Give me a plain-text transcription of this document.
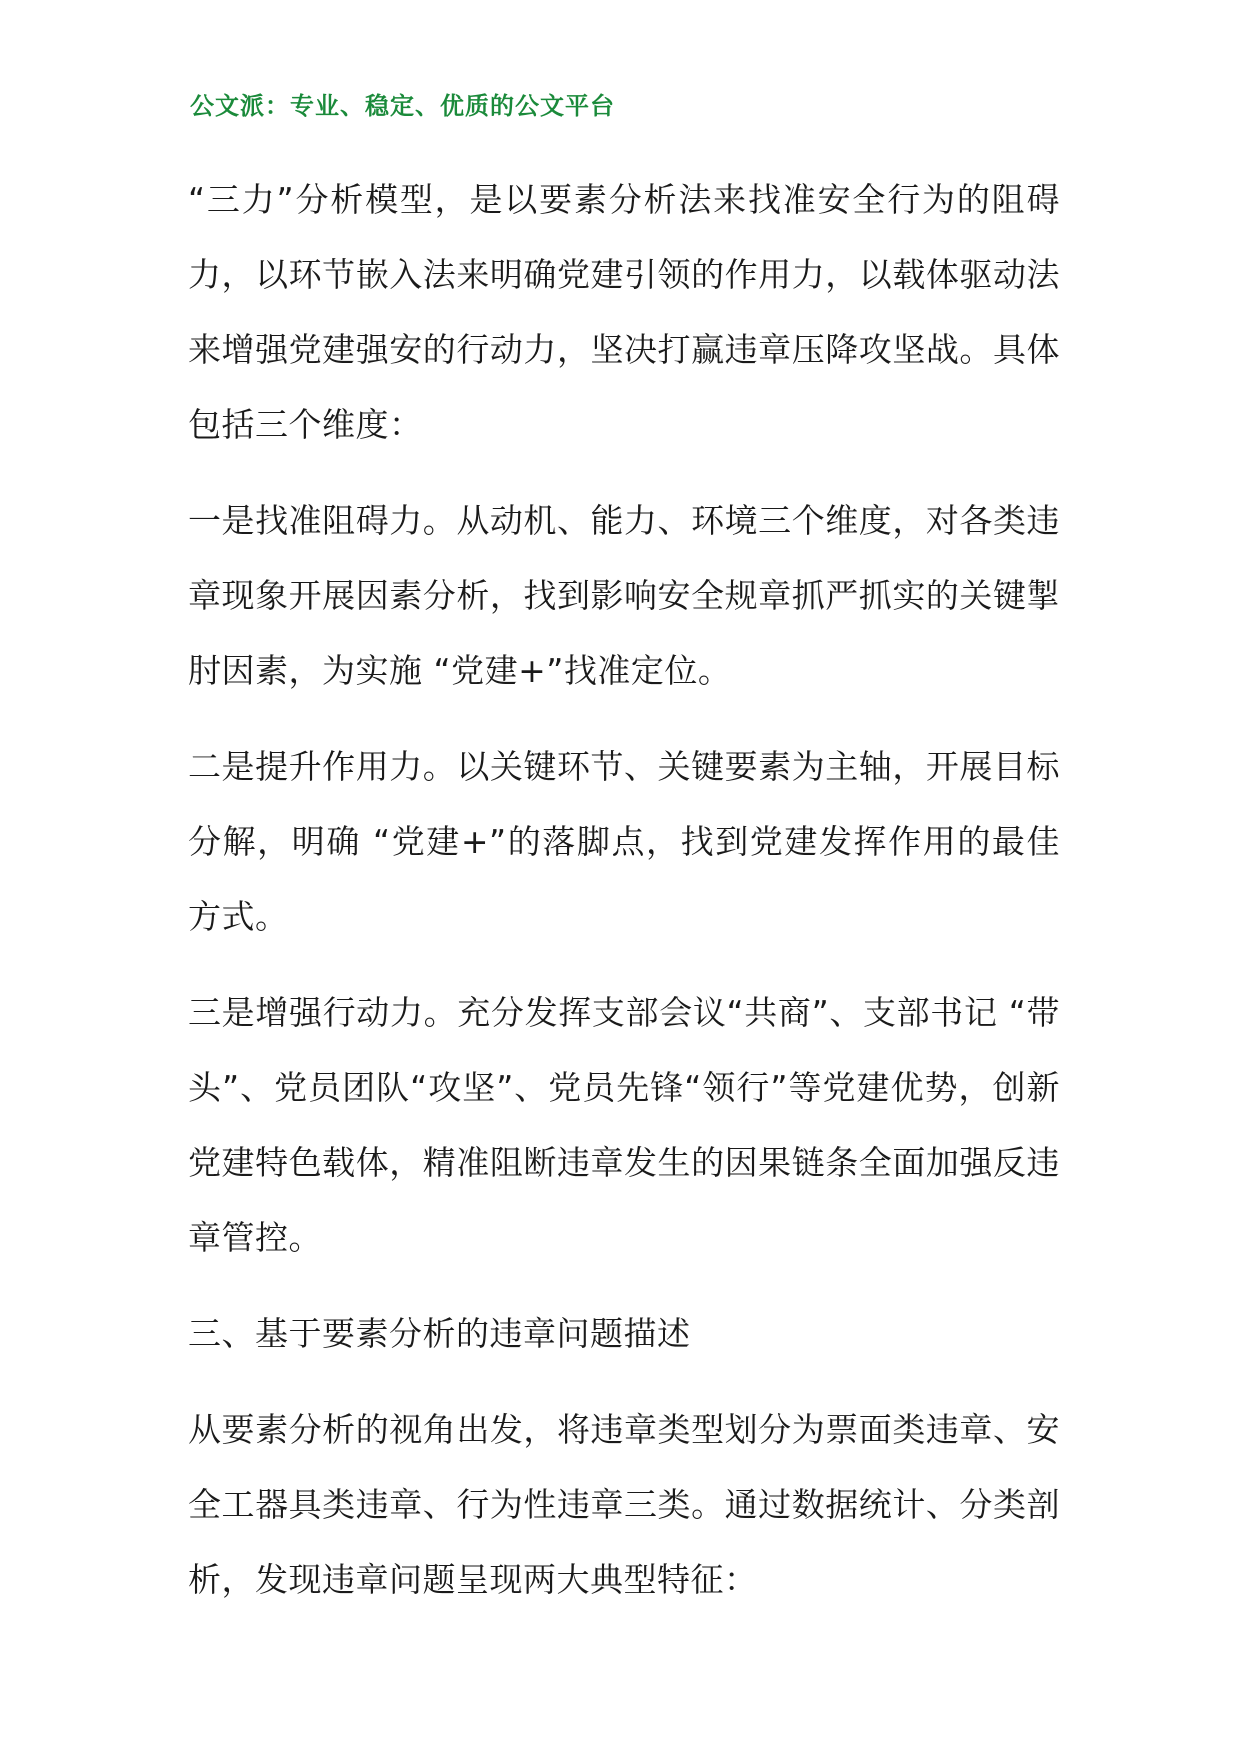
公文派：专业、稳定、优质的公文平台

“三力”分析模型，是以要素分析法来找准安全行为的阻碍力，以环节嵌入法来明确党建引领的作用力，以载体驱动法来增强党建强安的行动力，坚决打赢违章压降攻坚战。具体包括三个维度：

一是找准阻碍力。从动机、能力、环境三个维度，对各类违章现象开展因素分析，找到影响安全规章抓严抓实的关键掣肘因素，为实施 “党建+”找准定位。

二是提升作用力。以关键环节、关键要素为主轴，开展目标分解，明确 “党建+”的落脚点，找到党建发挥作用的最佳方式。

三是增强行动力。充分发挥支部会议“共商”、支部书记 “带头”、党员团队“攻坚”、党员先锋“领行”等党建优势，创新党建特色载体，精准阻断违章发生的因果链条全面加强反违章管控。

三、基于要素分析的违章问题描述

从要素分析的视角出发，将违章类型划分为票面类违章、安全工器具类违章、行为性违章三类。通过数据统计、分类剖析，发现违章问题呈现两大典型特征：
